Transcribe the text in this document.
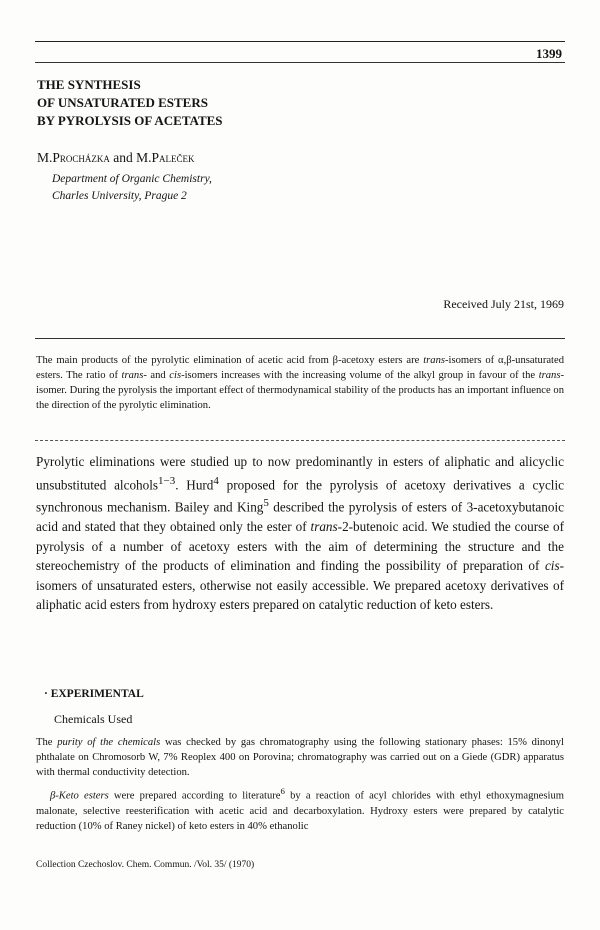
1399
THE SYNTHESIS
OF UNSATURATED ESTERS
BY PYROLYSIS OF ACETATES
M.Procházka and M.Paleček
Department of Organic Chemistry,
Charles University, Prague 2
Received July 21st, 1969
The main products of the pyrolytic elimination of acetic acid from β-acetoxy esters are trans-isomers of α,β-unsaturated esters. The ratio of trans- and cis-isomers increases with the increasing volume of the alkyl group in favour of the trans-isomer. During the pyrolysis the important effect of thermodynamical stability of the products has an important influence on the direction of the pyrolytic elimination.
Pyrolytic eliminations were studied up to now predominantly in esters of aliphatic and alicyclic unsubstituted alcohols$^{1-3}$. Hurd$^4$ proposed for the pyrolysis of acetoxy derivatives a cyclic synchronous mechanism. Bailey and King$^5$ described the pyrolysis of esters of 3-acetoxybutanoic acid and stated that they obtained only the ester of trans-2-butenoic acid. We studied the course of pyrolysis of a number of acetoxy esters with the aim of determining the structure and the stereochemistry of the products of elimination and finding the possibility of preparation of cis-isomers of unsaturated esters, otherwise not easily accessible. We prepared acetoxy derivatives of aliphatic acid esters from hydroxy esters prepared on catalytic reduction of keto esters.
· EXPERIMENTAL
Chemicals Used

The purity of the chemicals was checked by gas chromatography using the following stationary phases: 15% dinonyl phthalate on Chromosorb W, 7% Reoplex 400 on Porovina; chromatography was carried out on a Giede (GDR) apparatus with thermal conductivity detection.

β-Keto esters were prepared according to literature$^6$ by a reaction of acyl chlorides with ethyl ethoxymagnesium malonate, selective reesterification with acetic acid and decarboxylation. Hydroxy esters were prepared by catalytic reduction (10% of Raney nickel) of keto esters in 40% ethanolic

Collection Czechoslov. Chem. Commun. /Vol. 35/ (1970)
